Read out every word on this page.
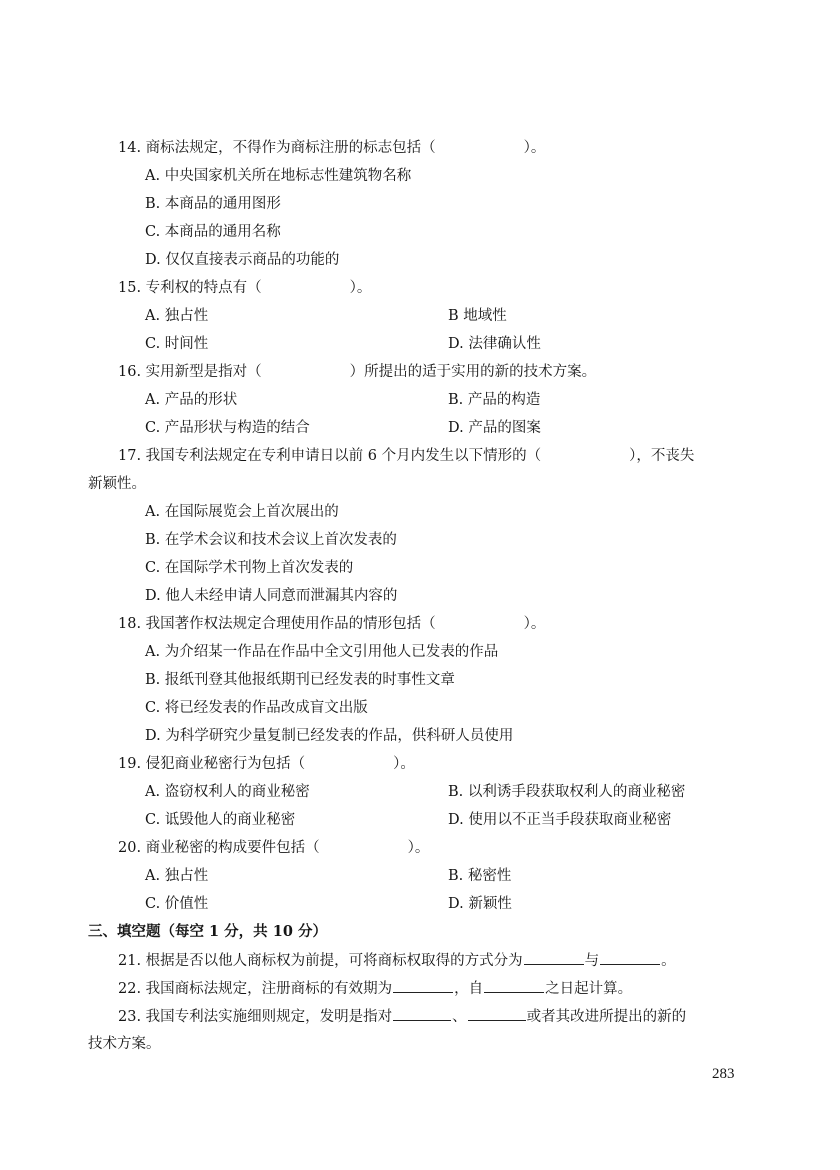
14. 商标法规定，不得作为商标注册的标志包括（	）。
A. 中央国家机关所在地标志性建筑物名称
B. 本商品的通用图形
C. 本商品的通用名称
D. 仅仅直接表示商品的功能的
15. 专利权的特点有（	）。
A. 独占性	B 地域性
C. 时间性	D. 法律确认性
16. 实用新型是指对（	）所提出的适于实用的新的技术方案。
A. 产品的形状	B. 产品的构造
C. 产品形状与构造的结合	D. 产品的图案
17. 我国专利法规定在专利申请日以前 6 个月内发生以下情形的（	），不丧失
新颖性。
A. 在国际展览会上首次展出的
B. 在学术会议和技术会议上首次发表的
C. 在国际学术刊物上首次发表的
D. 他人未经申请人同意而泄漏其内容的
18. 我国著作权法规定合理使用作品的情形包括（	）。
A. 为介绍某一作品在作品中全文引用他人已发表的作品
B. 报纸刊登其他报纸期刊已经发表的时事性文章
C. 将已经发表的作品改成盲文出版
D. 为科学研究少量复制已经发表的作品，供科研人员使用
19. 侵犯商业秘密行为包括（	）。
A. 盗窃权利人的商业秘密	B. 以利诱手段获取权利人的商业秘密
C. 诋毁他人的商业秘密	D. 使用以不正当手段获取商业秘密
20. 商业秘密的构成要件包括（	）。
A. 独占性	B. 秘密性
C. 价值性	D. 新颖性
三、填空题（每空 1 分，共 10 分）
21. 根据是否以他人商标权为前提，可将商标权取得的方式分为	与	。
22. 我国商标法规定，注册商标的有效期为	，自	之日起计算。
23. 我国专利法实施细则规定，发明是指对	、	或者其改进所提出的新的
技术方案。
283
